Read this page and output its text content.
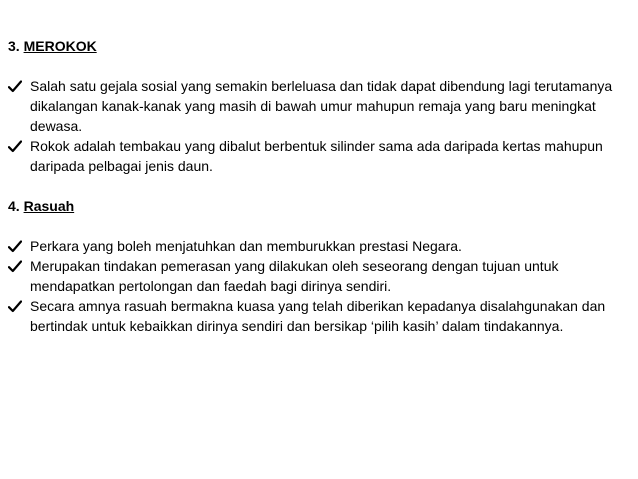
3. MEROKOK
Salah satu gejala sosial yang semakin berleluasa dan tidak dapat dibendung lagi terutamanya dikalangan kanak-kanak yang masih di bawah umur mahupun remaja yang baru meningkat dewasa.
Rokok adalah tembakau yang dibalut berbentuk silinder sama ada daripada kertas mahupun daripada pelbagai jenis daun.
4. Rasuah
Perkara yang boleh menjatuhkan dan memburukkan prestasi Negara.
Merupakan tindakan pemerasan yang dilakukan oleh seseorang dengan tujuan untuk mendapatkan pertolongan dan faedah bagi dirinya sendiri.
Secara amnya rasuah bermakna kuasa yang telah diberikan kepadanya disalahgunakan dan bertindak untuk kebaikkan dirinya sendiri dan bersikap ‘pilih kasih’ dalam tindakannya.
